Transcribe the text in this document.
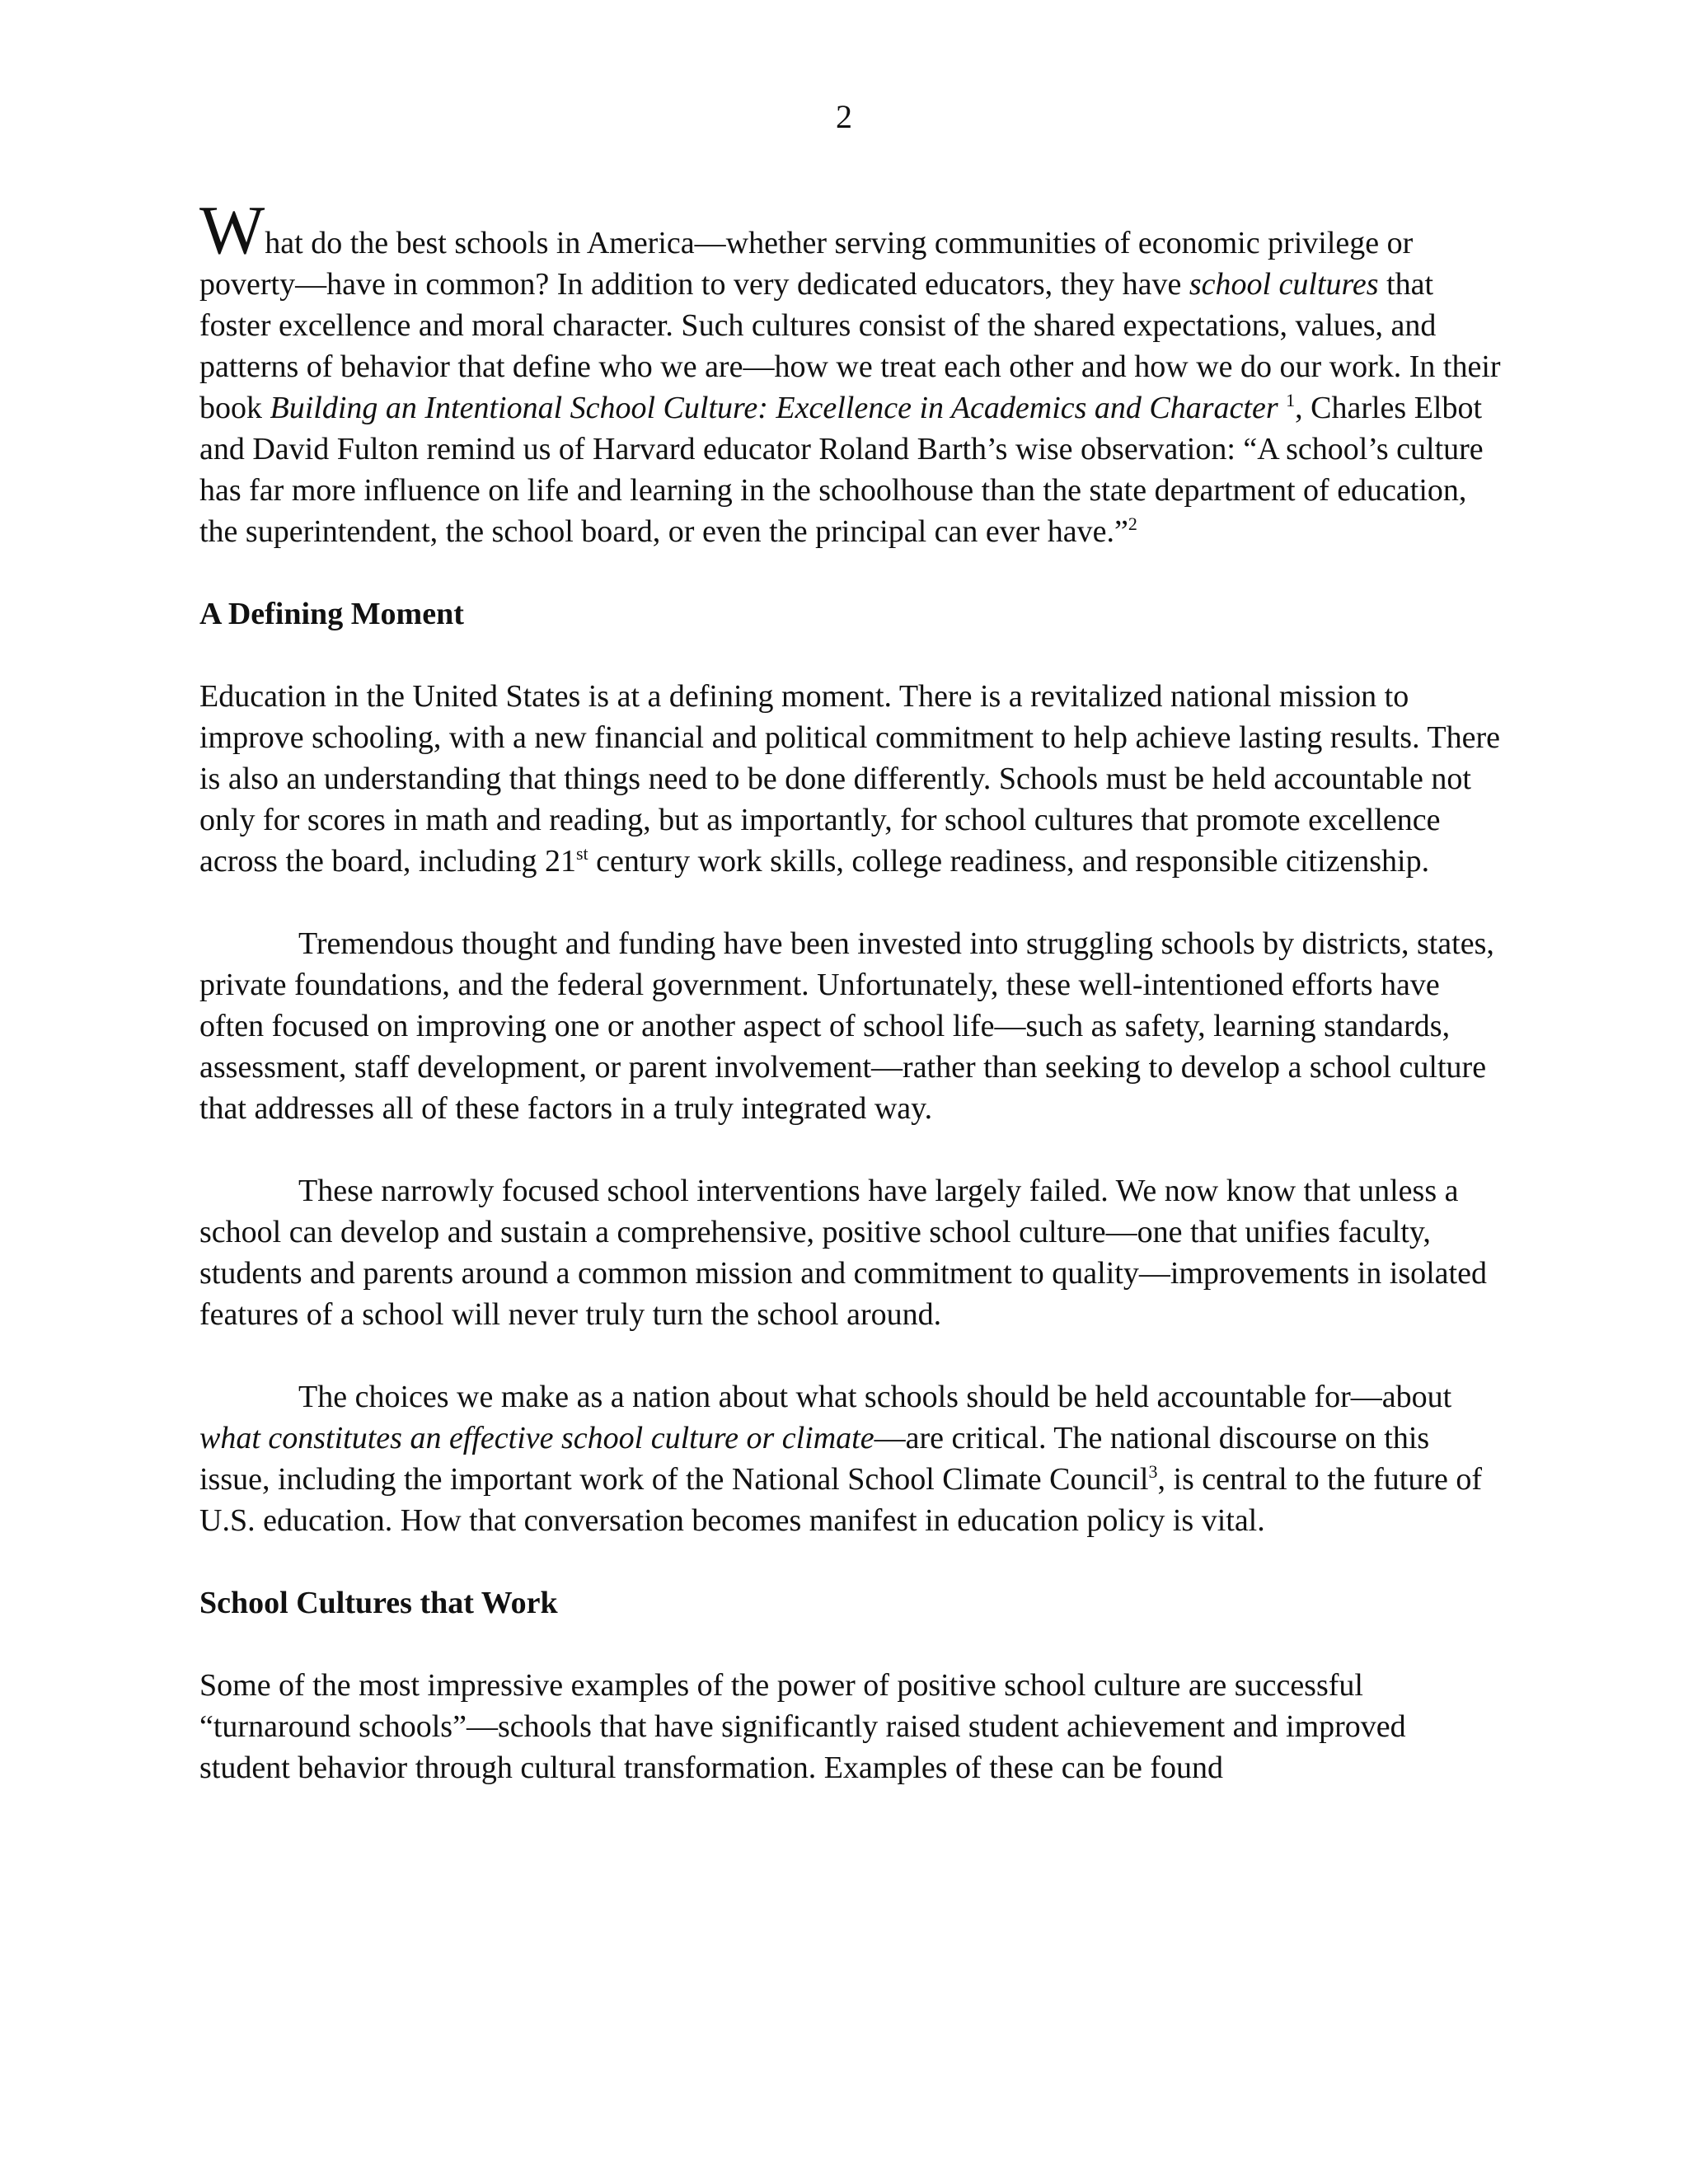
2

What do the best schools in America—whether serving communities of economic privilege or poverty—have in common? In addition to very dedicated educators, they have school cultures that foster excellence and moral character. Such cultures consist of the shared expectations, values, and patterns of behavior that define who we are—how we treat each other and how we do our work. In their book Building an Intentional School Culture: Excellence in Academics and Character $^1$, Charles Elbot and David Fulton remind us of Harvard educator Roland Barth’s wise observation: “A school’s culture has far more influence on life and learning in the schoolhouse than the state department of education, the superintendent, the school board, or even the principal can ever have.”$^2$

A Defining Moment

Education in the United States is at a defining moment. There is a revitalized national mission to improve schooling, with a new financial and political commitment to help achieve lasting results. There is also an understanding that things need to be done differently. Schools must be held accountable not only for scores in math and reading, but as importantly, for school cultures that promote excellence across the board, including 21st century work skills, college readiness, and responsible citizenship.

Tremendous thought and funding have been invested into struggling schools by districts, states, private foundations, and the federal government. Unfortunately, these well-intentioned efforts have often focused on improving one or another aspect of school life—such as safety, learning standards, assessment, staff development, or parent involvement—rather than seeking to develop a school culture that addresses all of these factors in a truly integrated way.

These narrowly focused school interventions have largely failed. We now know that unless a school can develop and sustain a comprehensive, positive school culture—one that unifies faculty, students and parents around a common mission and commitment to quality—improvements in isolated features of a school will never truly turn the school around.

The choices we make as a nation about what schools should be held accountable for—about what constitutes an effective school culture or climate—are critical. The national discourse on this issue, including the important work of the National School Climate Council$^3$, is central to the future of U.S. education. How that conversation becomes manifest in education policy is vital.

School Cultures that Work

Some of the most impressive examples of the power of positive school culture are successful “turnaround schools”—schools that have significantly raised student achievement and improved student behavior through cultural transformation. Examples of these can be found
